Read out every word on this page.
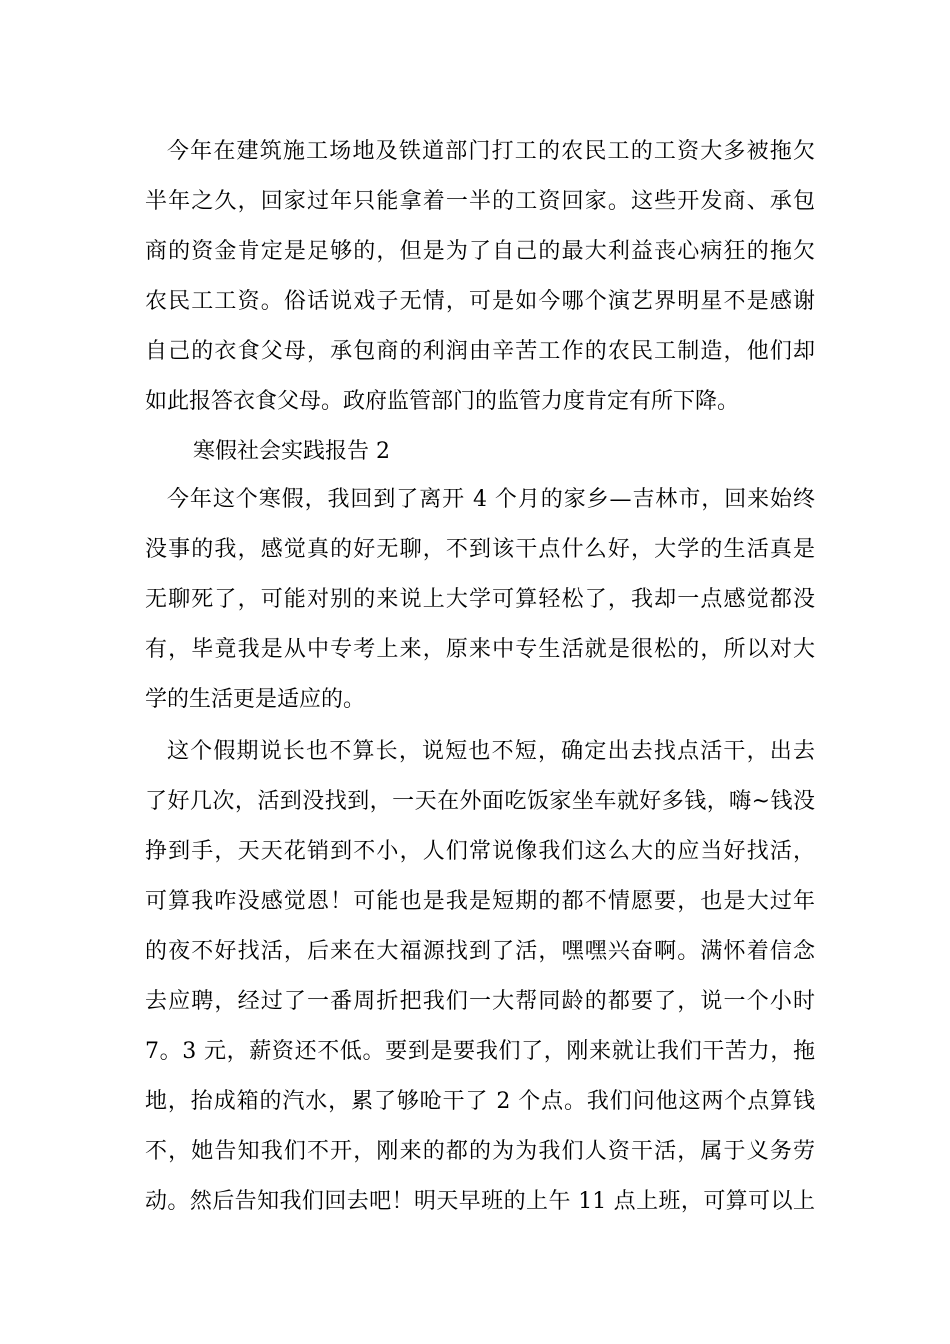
今年在建筑施工场地及铁道部门打工的农民工的工资大多被拖欠
半年之久，回家过年只能拿着一半的工资回家。这些开发商、承包
商的资金肯定是足够的，但是为了自己的最大利益丧心病狂的拖欠
农民工工资。俗话说戏子无情，可是如今哪个演艺界明星不是感谢
自己的衣食父母，承包商的利润由辛苦工作的农民工制造，他们却
如此报答衣食父母。政府监管部门的监管力度肯定有所下降。
寒假社会实践报告 2
今年这个寒假，我回到了离开 4 个月的家乡—吉林市，回来始终
没事的我，感觉真的好无聊，不到该干点什么好，大学的生活真是
无聊死了，可能对别的来说上大学可算轻松了，我却一点感觉都没
有，毕竟我是从中专考上来，原来中专生活就是很松的，所以对大
学的生活更是适应的。
这个假期说长也不算长，说短也不短，确定出去找点活干，出去
了好几次，活到没找到，一天在外面吃饭家坐车就好多钱，嗨~钱没
挣到手，天天花销到不小，人们常说像我们这么大的应当好找活，
可算我咋没感觉恩！可能也是我是短期的都不情愿要，也是大过年
的夜不好找活，后来在大福源找到了活，嘿嘿兴奋啊。满怀着信念
去应聘，经过了一番周折把我们一大帮同龄的都要了，说一个小时
7。3 元，薪资还不低。要到是要我们了，刚来就让我们干苦力，拖
地，抬成箱的汽水，累了够呛干了 2 个点。我们问他这两个点算钱
不，她告知我们不开，刚来的都的为为我们人资干活，属于义务劳
动。然后告知我们回去吧！明天早班的上午 11 点上班，可算可以上
